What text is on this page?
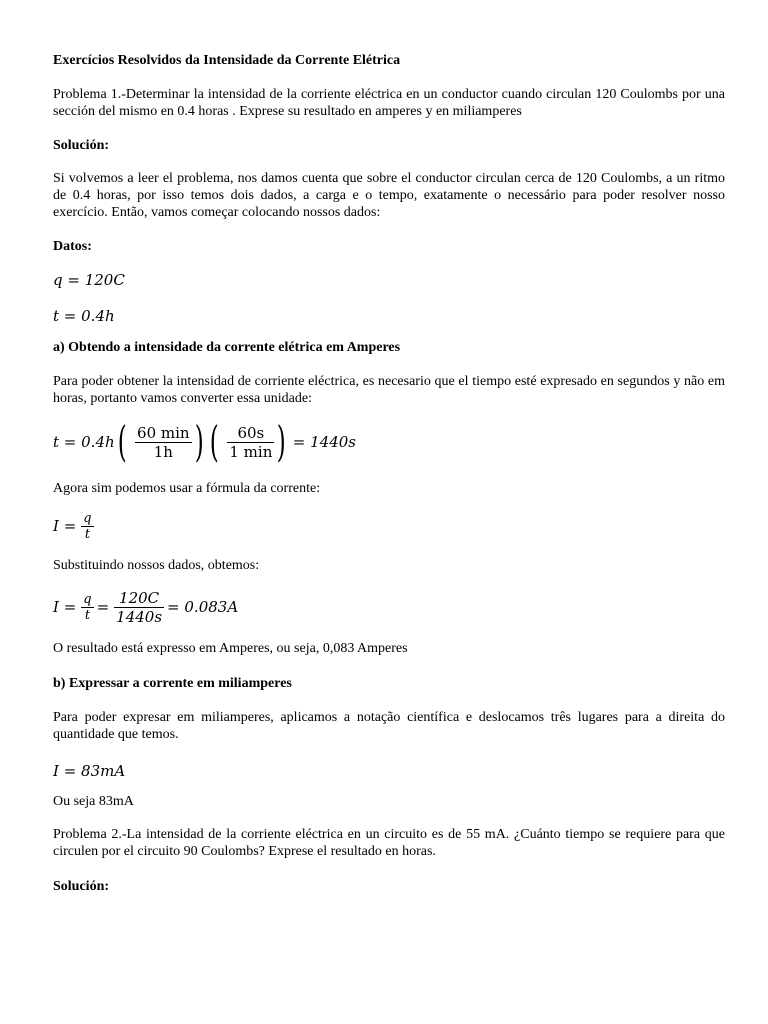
Exercícios Resolvidos da Intensidade da Corrente Elétrica
Problema 1.-Determinar la intensidad de la corriente eléctrica en un conductor cuando circulan 120 Coulombs por una sección del mismo en 0.4 horas . Exprese su resultado en amperes y en miliamperes
Solución:
Si volvemos a leer el problema, nos damos cuenta que sobre el conductor circulan cerca de 120 Coulombs, a un ritmo de 0.4 horas, por isso temos dois dados, a carga e o tempo, exatamente o necessário para poder resolver nosso exercício. Então, vamos começar colocando nossos dados:
Datos:
q = 120C
t = 0.4h
a) Obtendo a intensidade da corrente elétrica em Amperes
Para poder obtener la intensidad de corriente eléctrica, es necesario que el tiempo esté expresado en segundos y não em horas, portanto vamos converter essa unidade:
t = 0.4h ( $\frac{60 \min}{1h}$ ) ( $\frac{60s}{1 \min}$ ) = 1440s
Agora sim podemos usar a fórmula da corrente:
$I = \frac{q}{t}$
Substituindo nossos dados, obtemos:
$I = \frac{q}{t} = \frac{120C}{1440s} = 0.083A$
O resultado está expresso em Amperes, ou seja, 0,083 Amperes
b) Expressar a corrente em miliamperes
Para poder expresar em miliamperes, aplicamos a notação científica e deslocamos três lugares para a direita do quantidade que temos.
I = 83mA
Ou seja 83mA
Problema 2.-La intensidad de la corriente eléctrica en un circuito es de 55 mA. ¿Cuánto tiempo se requiere para que circulen por el circuito 90 Coulombs? Exprese el resultado en horas.
Solución:
